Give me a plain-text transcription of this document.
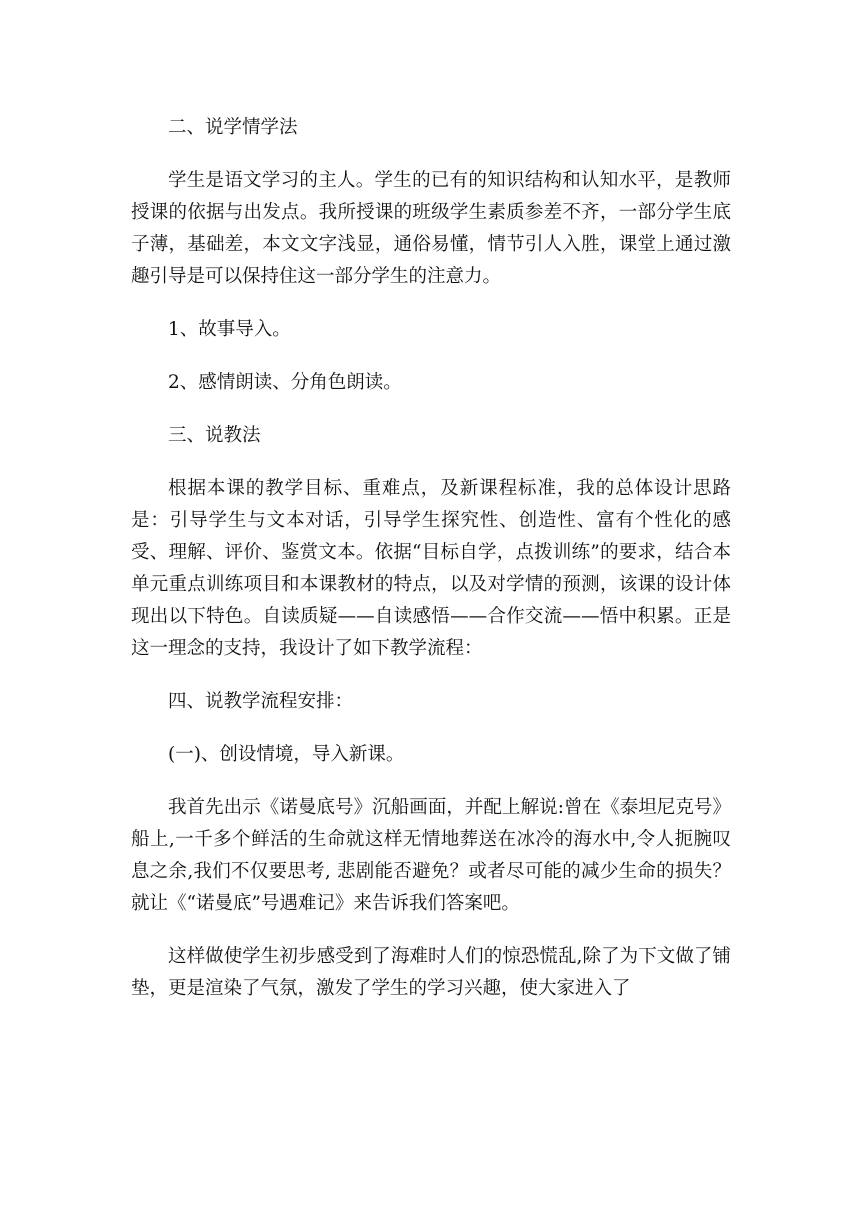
二、说学情学法

学生是语文学习的主人。学生的已有的知识结构和认知水平，是教师授课的依据与出发点。我所授课的班级学生素质参差不齐，一部分学生底子薄，基础差，本文文字浅显，通俗易懂，情节引人入胜，课堂上通过激趣引导是可以保持住这一部分学生的注意力。

1、故事导入。

2、感情朗读、分角色朗读。

三、说教法

根据本课的教学目标、重难点，及新课程标准，我的总体设计思路是：引导学生与文本对话，引导学生探究性、创造性、富有个性化的感受、理解、评价、鉴赏文本。依据“目标自学，点拨训练”的要求，结合本单元重点训练项目和本课教材的特点，以及对学情的预测，该课的设计体现出以下特色。自读质疑——自读感悟——合作交流——悟中积累。正是这一理念的支持，我设计了如下教学流程：

四、说教学流程安排：

(一)、创设情境，导入新课。

我首先出示《诺曼底号》沉船画面，并配上解说:曾在《泰坦尼克号》船上,一千多个鲜活的生命就这样无情地葬送在冰冷的海水中,令人扼腕叹息之余,我们不仅要思考, 悲剧能否避免？或者尽可能的减少生命的损失？就让《“诺曼底”号遇难记》来告诉我们答案吧。

这样做使学生初步感受到了海难时人们的惊恐慌乱,除了为下文做了铺垫，更是渲染了气氛，激发了学生的学习兴趣，使大家进入了
